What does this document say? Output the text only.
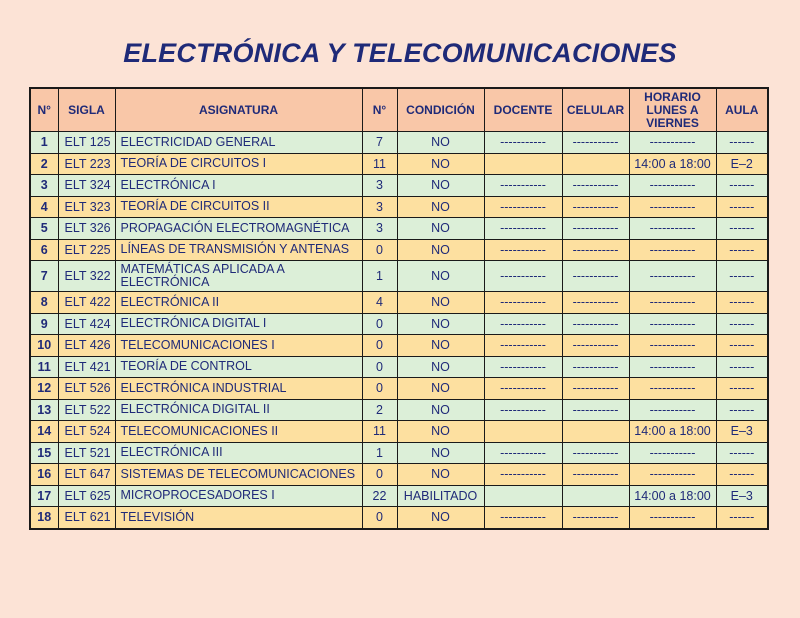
ELECTRÓNICA Y TELECOMUNICACIONES
N°	SIGLA	ASIGNATURA	N°	CONDICIÓN	DOCENTE	CELULAR	HORARIO LUNES A VIERNES	AULA
1	ELT 125	ELECTRICIDAD GENERAL	7	NO	-----------	-----------	-----------	------
2	ELT 223	TEORÍA DE CIRCUITOS I	11	NO			14:00 a 18:00	E–2
3	ELT 324	ELECTRÓNICA I	3	NO	-----------	-----------	-----------	------
4	ELT 323	TEORÍA DE CIRCUITOS II	3	NO	-----------	-----------	-----------	------
5	ELT 326	PROPAGACIÓN ELECTROMAGNÉTICA	3	NO	-----------	-----------	-----------	------
6	ELT 225	LÍNEAS DE TRANSMISIÓN Y ANTENAS	0	NO	-----------	-----------	-----------	------
7	ELT 322	MATEMÁTICAS APLICADA A ELECTRÓNICA	1	NO	-----------	-----------	-----------	------
8	ELT 422	ELECTRÓNICA II	4	NO	-----------	-----------	-----------	------
9	ELT 424	ELECTRÓNICA DIGITAL I	0	NO	-----------	-----------	-----------	------
10	ELT 426	TELECOMUNICACIONES I	0	NO	-----------	-----------	-----------	------
11	ELT 421	TEORÍA DE CONTROL	0	NO	-----------	-----------	-----------	------
12	ELT 526	ELECTRÓNICA INDUSTRIAL	0	NO	-----------	-----------	-----------	------
13	ELT 522	ELECTRÓNICA DIGITAL II	2	NO	-----------	-----------	-----------	------
14	ELT 524	TELECOMUNICACIONES II	11	NO			14:00 a 18:00	E–3
15	ELT 521	ELECTRÓNICA III	1	NO	-----------	-----------	-----------	------
16	ELT 647	SISTEMAS DE TELECOMUNICACIONES	0	NO	-----------	-----------	-----------	------
17	ELT 625	MICROPROCESADORES I	22	HABILITADO			14:00 a 18:00	E–3
18	ELT 621	TELEVISIÓN	0	NO	-----------	-----------	-----------	------
